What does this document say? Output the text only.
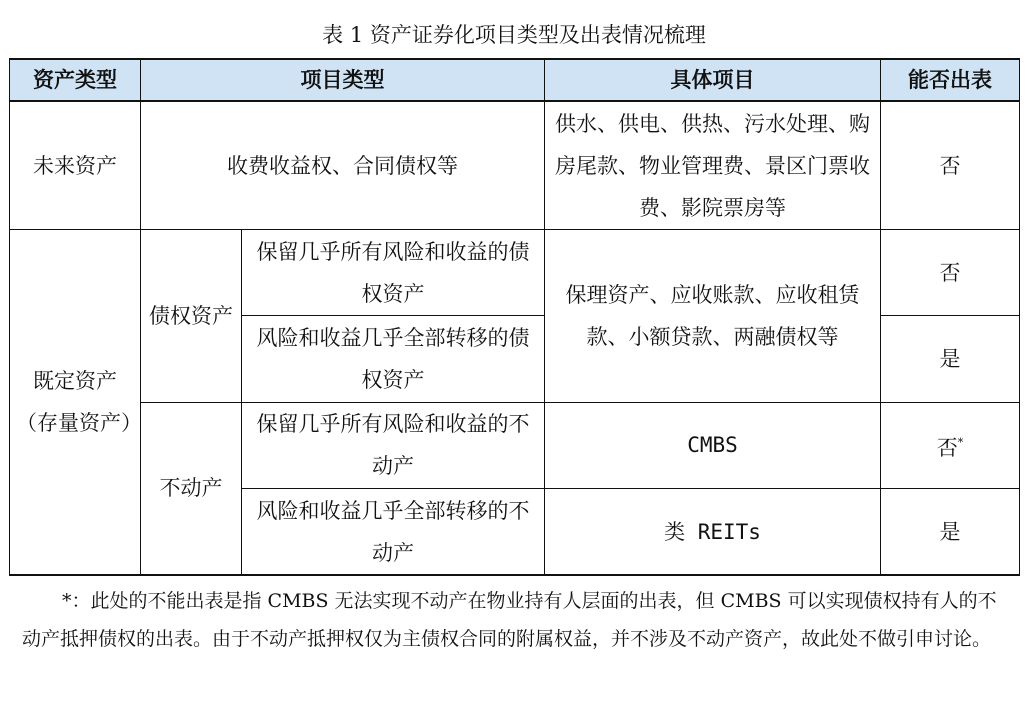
表 1 资产证券化项目类型及出表情况梳理
资产类型	项目类型		具体项目	能否出表
未来资产	收费收益权、合同债权等		供水、供电、供热、污水处理、购房尾款、物业管理费、景区门票收费、影院票房等	否
既定资产（存量资产）	债权资产	保留几乎所有风险和收益的债权资产	保理资产、应收账款、应收租赁款、小额贷款、两融债权等	否
		风险和收益几乎全部转移的债权资产		是
	不动产	保留几乎所有风险和收益的不动产	CMBS	否*
		风险和收益几乎全部转移的不动产	类 REITs	是
*：此处的不能出表是指 CMBS 无法实现不动产在物业持有人层面的出表，但 CMBS 可以实现债权持有人的不动产抵押债权的出表。由于不动产抵押权仅为主债权合同的附属权益，并不涉及不动产资产，故此处不做引申讨论。
